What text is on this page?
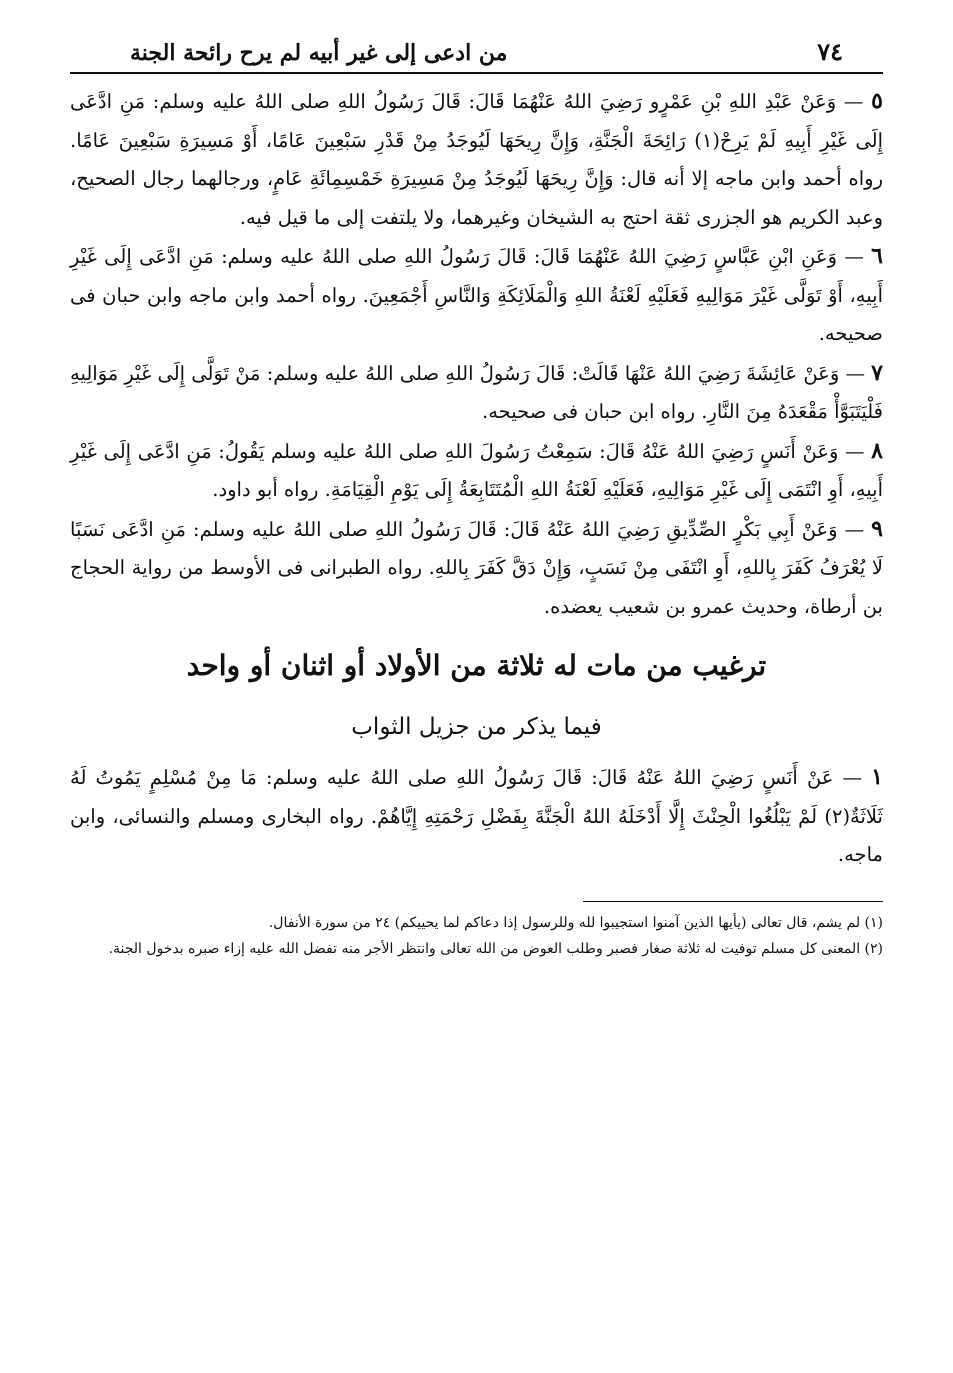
٧٤
من ادعى إلى غير أبيه لم يرح رائحة الجنة

٥ — وَعَنْ عَبْدِ اللهِ بْنِ عَمْرٍو رَضِيَ اللهُ عَنْهُمَا قَالَ: قَالَ رَسُولُ اللهِ صلى اللهُ عليه وسلم: مَنِ ادَّعَى إِلَى غَيْرِ أَبِيهِ لَمْ يَرِحْ(١) رَائِحَةَ الْجَنَّةِ، وَإِنَّ رِيحَهَا لَيُوجَدُ مِنْ قَدْرِ سَبْعِينَ عَامًا، أَوْ مَسِيرَةِ سَبْعِينَ عَامًا. رواه أحمد وابن ماجه إلا أنه قال: وَإِنَّ رِيحَهَا لَيُوجَدُ مِنْ مَسِيرَةِ خَمْسِمِائَةِ عَامٍ، ورجالهما رجال الصحيح، وعبد الكريم هو الجزرى ثقة احتج به الشيخان وغيرهما، ولا يلتفت إلى ما قيل فيه.

٦ — وَعَنِ ابْنِ عَبَّاسٍ رَضِيَ اللهُ عَنْهُمَا قَالَ: قَالَ رَسُولُ اللهِ صلى اللهُ عليه وسلم: مَنِ ادَّعَى إِلَى غَيْرِ أَبِيهِ، أَوْ تَوَلَّى غَيْرَ مَوَالِيهِ فَعَلَيْهِ لَعْنَةُ اللهِ وَالْمَلَائِكَةِ وَالنَّاسِ أَجْمَعِينَ. رواه أحمد وابن ماجه وابن حبان فى صحيحه.

٧ — وَعَنْ عَائِشَةَ رَضِيَ اللهُ عَنْهَا قَالَتْ: قَالَ رَسُولُ اللهِ صلى اللهُ عليه وسلم: مَنْ تَوَلَّى إِلَى غَيْرِ مَوَالِيهِ فَلْيَتَبَوَّأْ مَقْعَدَهُ مِنَ النَّارِ. رواه ابن حبان فى صحيحه.

٨ — وَعَنْ أَنَسٍ رَضِيَ اللهُ عَنْهُ قَالَ: سَمِعْتُ رَسُولَ اللهِ صلى اللهُ عليه وسلم يَقُولُ: مَنِ ادَّعَى إِلَى غَيْرِ أَبِيهِ، أَوِ انْتَمَى إِلَى غَيْرِ مَوَالِيهِ، فَعَلَيْهِ لَعْنَةُ اللهِ الْمُتَتَابِعَةُ إِلَى يَوْمِ الْقِيَامَةِ. رواه أبو داود.

٩ — وَعَنْ أَبِي بَكْرٍ الصِّدِّيقِ رَضِيَ اللهُ عَنْهُ قَالَ: قَالَ رَسُولُ اللهِ صلى اللهُ عليه وسلم: مَنِ ادَّعَى نَسَبًا لَا يُعْرَفُ كَفَرَ بِاللهِ، أَوِ انْتَفَى مِنْ نَسَبٍ، وَإِنْ دَقَّ كَفَرَ بِاللهِ. رواه الطبرانى فى الأوسط من رواية الحجاج بن أرطاة، وحديث عمرو بن شعيب يعضده.

ترغيب من مات له ثلاثة من الأولاد أو اثنان أو واحد
فيما يذكر من جزيل الثواب

١ — عَنْ أَنَسٍ رَضِيَ اللهُ عَنْهُ قَالَ: قَالَ رَسُولُ اللهِ صلى اللهُ عليه وسلم: مَا مِنْ مُسْلِمٍ يَمُوتُ لَهُ ثَلَاثَةٌ(٢) لَمْ يَبْلُغُوا الْحِنْثَ إِلَّا أَدْخَلَهُ اللهُ الْجَنَّةَ بِفَضْلِ رَحْمَتِهِ إِيَّاهُمْ. رواه البخارى ومسلم والنسائى، وابن ماجه.

(١) لم يشم، قال تعالى (يأيها الذين آمنوا استجيبوا لله وللرسول إذا دعاكم لما يحييكم) ٢٤ من سورة الأنفال.

(٢) المعنى كل مسلم توفيت له ثلاثة صغار فصبر وطلب العوض من الله تعالى وانتظر الأجر منه تفضل الله عليه إزاء صبره بدخول الجنة.
